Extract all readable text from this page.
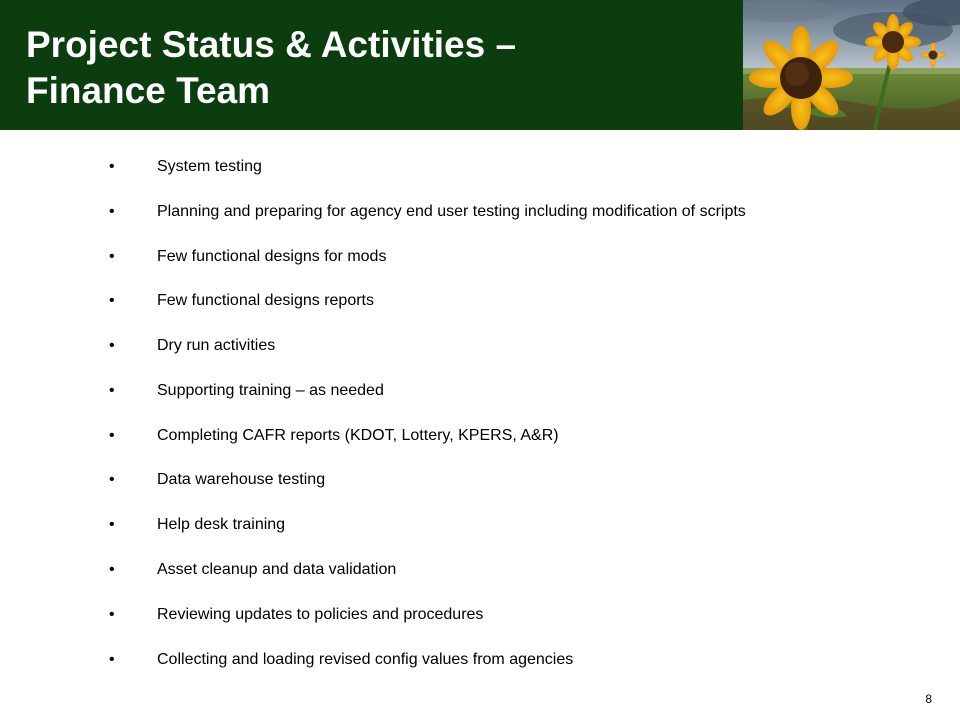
Project Status & Activities –
Finance Team
•	System testing
•	Planning and preparing for agency end user testing including modification of scripts
•	Few functional designs for mods
•	Few functional designs reports
•	Dry run activities
•	Supporting training – as needed
•	Completing CAFR reports (KDOT, Lottery, KPERS, A&R)
•	Data warehouse testing
•	Help desk training
•	Asset cleanup and data validation
•	Reviewing updates to policies and procedures
•	Collecting and loading revised config values from agencies
8
